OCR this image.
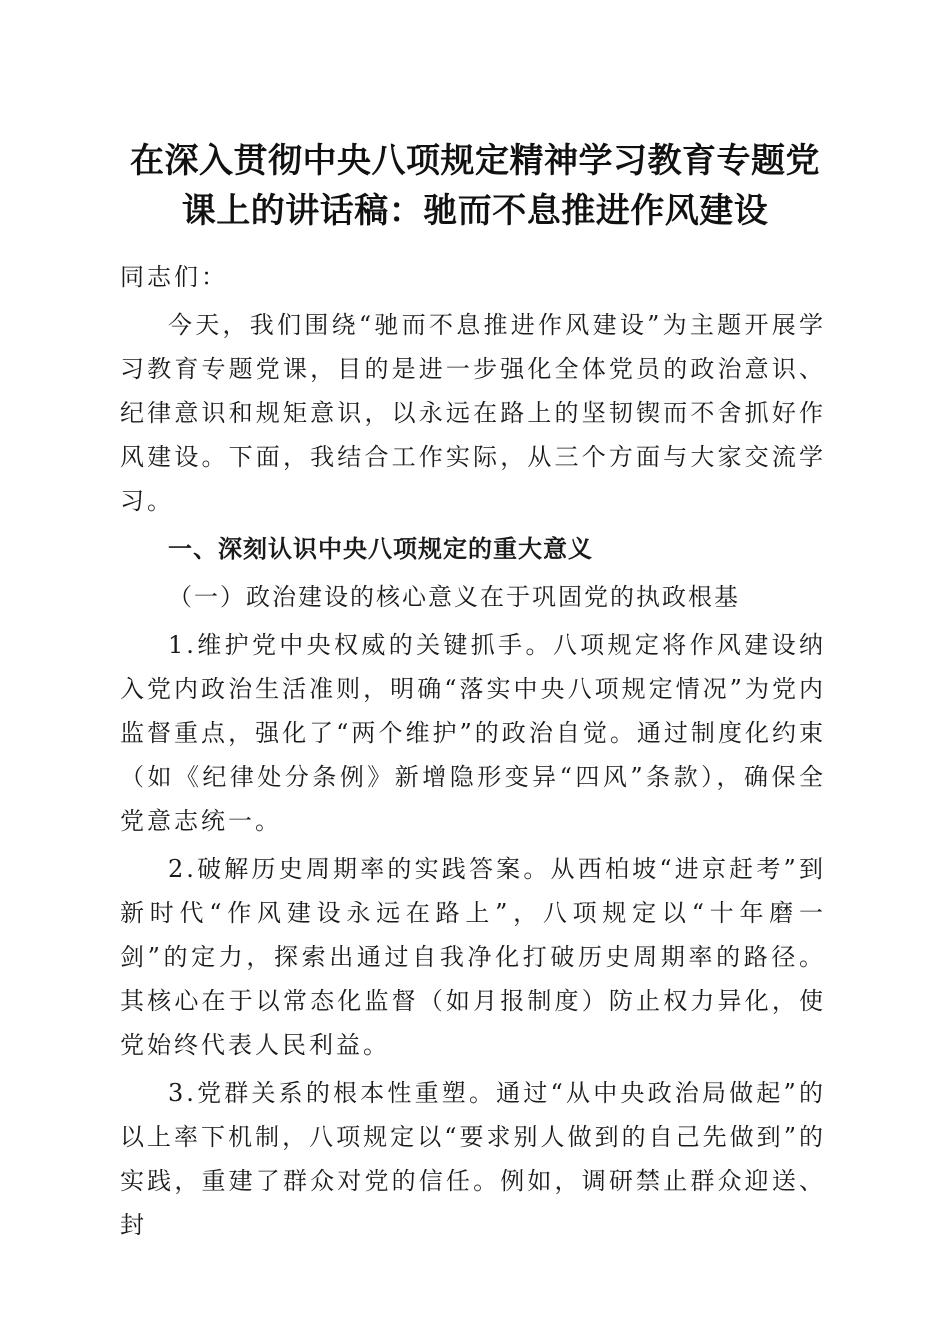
在深入贯彻中央八项规定精神学习教育专题党
课上的讲话稿：驰而不息推进作风建设

同志们：

今天，我们围绕“驰而不息推进作风建设”为主题开展学习教育专题党课，目的是进一步强化全体党员的政治意识、纪律意识和规矩意识，以永远在路上的坚韧锲而不舍抓好作风建设。下面，我结合工作实际，从三个方面与大家交流学习。

一、深刻认识中央八项规定的重大意义

（一）政治建设的核心意义在于巩固党的执政根基

1.维护党中央权威的关键抓手。八项规定将作风建设纳入党内政治生活准则，明确“落实中央八项规定情况”为党内监督重点，强化了“两个维护”的政治自觉。通过制度化约束（如《纪律处分条例》新增隐形变异“四风”条款），确保全党意志统一。

2.破解历史周期率的实践答案。从西柏坡“进京赶考”到新时代“作风建设永远在路上”，八项规定以“十年磨一剑”的定力，探索出通过自我净化打破历史周期率的路径。其核心在于以常态化监督（如月报制度）防止权力异化，使党始终代表人民利益。

3.党群关系的根本性重塑。通过“从中央政治局做起”的以上率下机制，八项规定以“要求别人做到的自己先做到”的实践，重建了群众对党的信任。例如，调研禁止群众迎送、封
